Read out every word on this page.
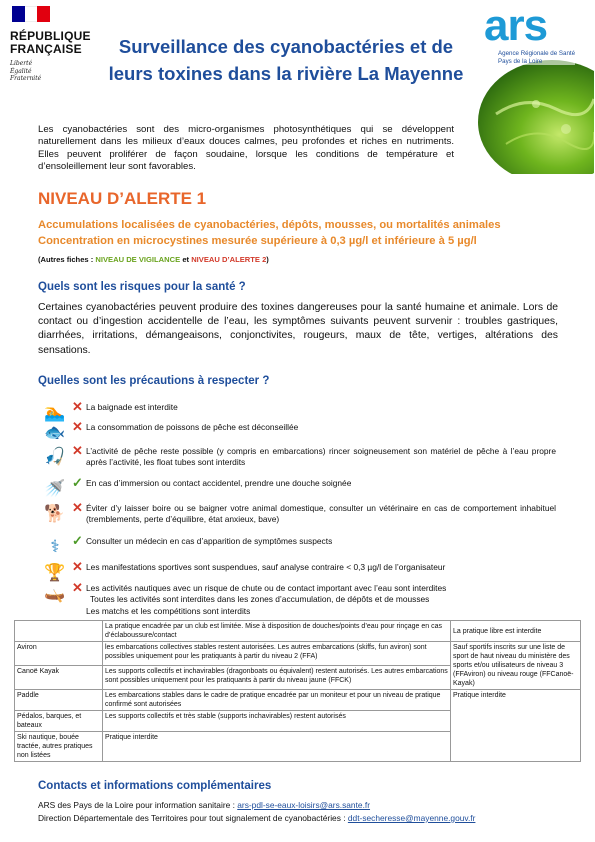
RÉPUBLIQUE
FRANÇAISE
Liberté
Égalité
Fraternité
Surveillance des cyanobactéries et de leurs toxines dans la rivière La Mayenne
ars
Agence Régionale de Santé
Pays de la Loire
Les cyanobactéries sont des micro-organismes photosynthétiques qui se développent naturellement dans les milieux d’eaux douces calmes, peu profondes et riches en nutriments. Elles peuvent proliférer de façon soudaine, lorsque les conditions de température et d’ensoleillement leur sont favorables.
NIVEAU D’ALERTE 1
Accumulations localisées de cyanobactéries, dépôts, mousses, ou mortalités animales
Concentration en microcystines mesurée supérieure à 0,3 µg/l et inférieure à 5 µg/l
(Autres fiches : NIVEAU DE VIGILANCE et NIVEAU D’ALERTE 2)
Quels sont les risques pour la santé ?
Certaines cyanobactéries peuvent produire des toxines dangereuses pour la santé humaine et animale. Lors de contact ou d’ingestion accidentelle de l’eau, les symptômes suivants peuvent survenir : troubles gastriques, diarrhées, irritations, démangeaisons, conjonctivites, rougeurs, maux de tête, vertiges, altérations des sensations.
Quelles sont les précautions à respecter ?
🏊 ✕ La baignade est interdite
🐟 ✕ La consommation de poissons de pêche est déconseillée
🎣 ✕ L’activité de pêche reste possible (y compris en embarcations) rincer soigneusement son matériel de pêche à l’eau propre après l’activité, les float tubes sont interdits
🚿 ✓ En cas d’immersion ou contact accidentel, prendre une douche soignée
🐕 ✕ Éviter d’y laisser boire ou se baigner votre animal domestique, consulter un vétérinaire en cas de comportement inhabituel (tremblements, perte d’équilibre, état anxieux, bave)
⚕ ✓ Consulter un médecin en cas d’apparition de symptômes suspects
🏆 ✕ Les manifestations sportives sont suspendues, sauf analyse contraire < 0,3 µg/l de l’organisateur
🛶 ✕ Les activités nautiques avec un risque de chute ou de contact important avec l’eau sont interdites
Toutes les activités sont interdites dans les zones d’accumulation, de dépôts et de mousses
Les matchs et les compétitions sont interdits
	La pratique encadrée par un club est limitée. Mise à disposition de douches/points d’eau pour rinçage en cas d’éclaboussure/contact	La pratique libre est interdite
Aviron	les embarcations collectives stables restent autorisées. Les autres embarcations (skiffs, fun aviron) sont possibles uniquement pour les pratiquants à partir du niveau 2 (FFA)	Sauf sportifs inscrits sur une liste de sport de haut niveau du ministère des sports et/ou utilisateurs de niveau 3 (FFAviron) ou niveau rouge (FFCanoë-Kayak)
Canoë Kayak	Les supports collectifs et inchavirables (dragonboats ou équivalent) restent autorisés. Les autres embarcations sont possibles uniquement pour les pratiquants à partir du niveau jaune (FFCK)	
Paddle	Les embarcations stables dans le cadre de pratique encadrée par un moniteur et pour un niveau de pratique confirmé sont autorisées	Pratique interdite
Pédalos, barques, et bateaux	Les supports collectifs et très stable (supports inchavirables) restent autorisés	
Ski nautique, bouée tractée, autres pratiques non listées	Pratique interdite	
Contacts et informations complémentaires
ARS des Pays de la Loire pour information sanitaire : ars-pdl-se-eaux-loisirs@ars.sante.fr
Direction Départementale des Territoires pour tout signalement de cyanobactéries : ddt-secheresse@mayenne.gouv.fr
